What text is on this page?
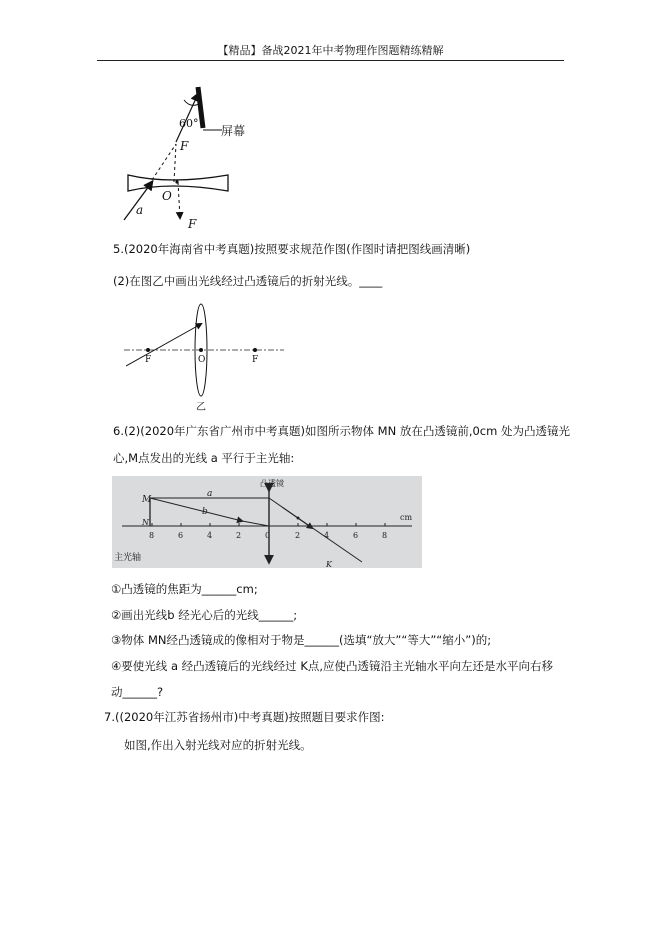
【精品】备战2021年中考物理作图题精练精解
60°
屏幕
F
O
a
F
5.(2020年海南省中考真题)按照要求规范作图(作图时请把图线画清晰)
(2)在图乙中画出光线经过凸透镜后的折射光线。____
F	O	F
乙
6.(2)(2020年广东省广州市中考真题)如图所示物体 MN 放在凸透镜前,0cm 处为凸透镜光
心,M点发出的光线 a 平行于主光轴:
凸透镜
M
N
a
b
主光轴
8	6	4	2	0	2	4	6	8
cm
K
①凸透镜的焦距为______cm;
②画出光线b 经光心后的光线______;
③物体 MN经凸透镜成的像相对于物是______(选填“放大”“等大”“缩小”)的;
④要使光线 a 经凸透镜后的光线经过 K点,应使凸透镜沿主光轴水平向左还是水平向右移
动______?
7.((2020年江苏省扬州市)中考真题)按照题目要求作图:
如图,作出入射光线对应的折射光线。
